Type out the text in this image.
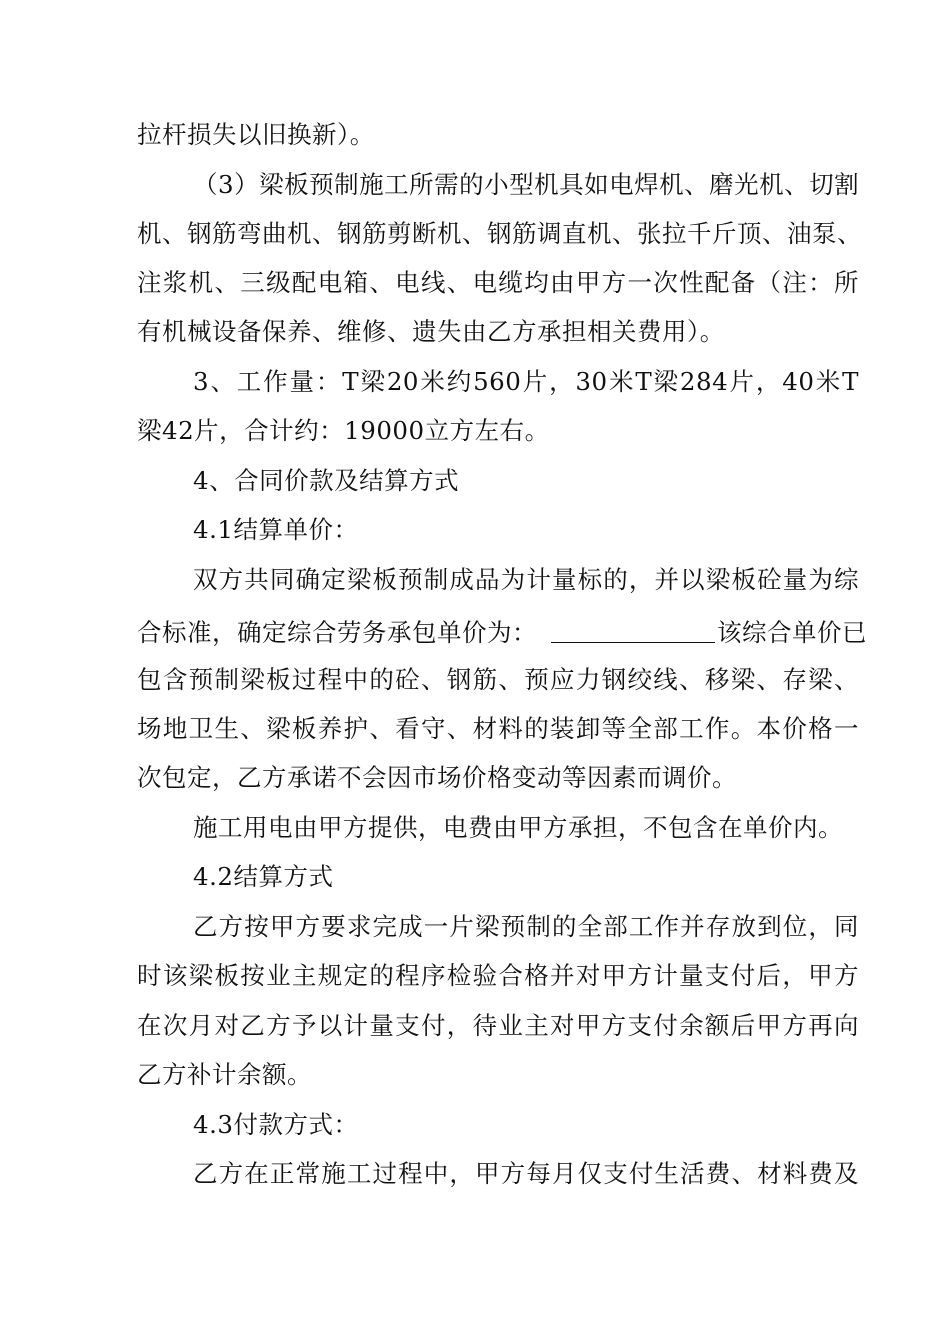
拉杆损失以旧换新）。
（3）梁板预制施工所需的小型机具如电焊机、磨光机、切割
机、钢筋弯曲机、钢筋剪断机、钢筋调直机、张拉千斤顶、油泵、
注浆机、三级配电箱、电线、电缆均由甲方一次性配备（注：所
有机械设备保养、维修、遗失由乙方承担相关费用）。
3、工作量：T梁20米约560片，30米T梁284片，40米T
梁42片，合计约：19000立方左右。
4、合同价款及结算方式
4.1结算单价：
双方共同确定梁板预制成品为计量标的，并以梁板砼量为综
合标准，确定综合劳务承包单价为：	该综合单价已
包含预制梁板过程中的砼、钢筋、预应力钢绞线、移梁、存梁、
场地卫生、梁板养护、看守、材料的装卸等全部工作。本价格一
次包定，乙方承诺不会因市场价格变动等因素而调价。
施工用电由甲方提供，电费由甲方承担，不包含在单价内。
4.2结算方式
乙方按甲方要求完成一片梁预制的全部工作并存放到位，同
时该梁板按业主规定的程序检验合格并对甲方计量支付后，甲方
在次月对乙方予以计量支付，待业主对甲方支付余额后甲方再向
乙方补计余额。
4.3付款方式：
乙方在正常施工过程中，甲方每月仅支付生活费、材料费及
